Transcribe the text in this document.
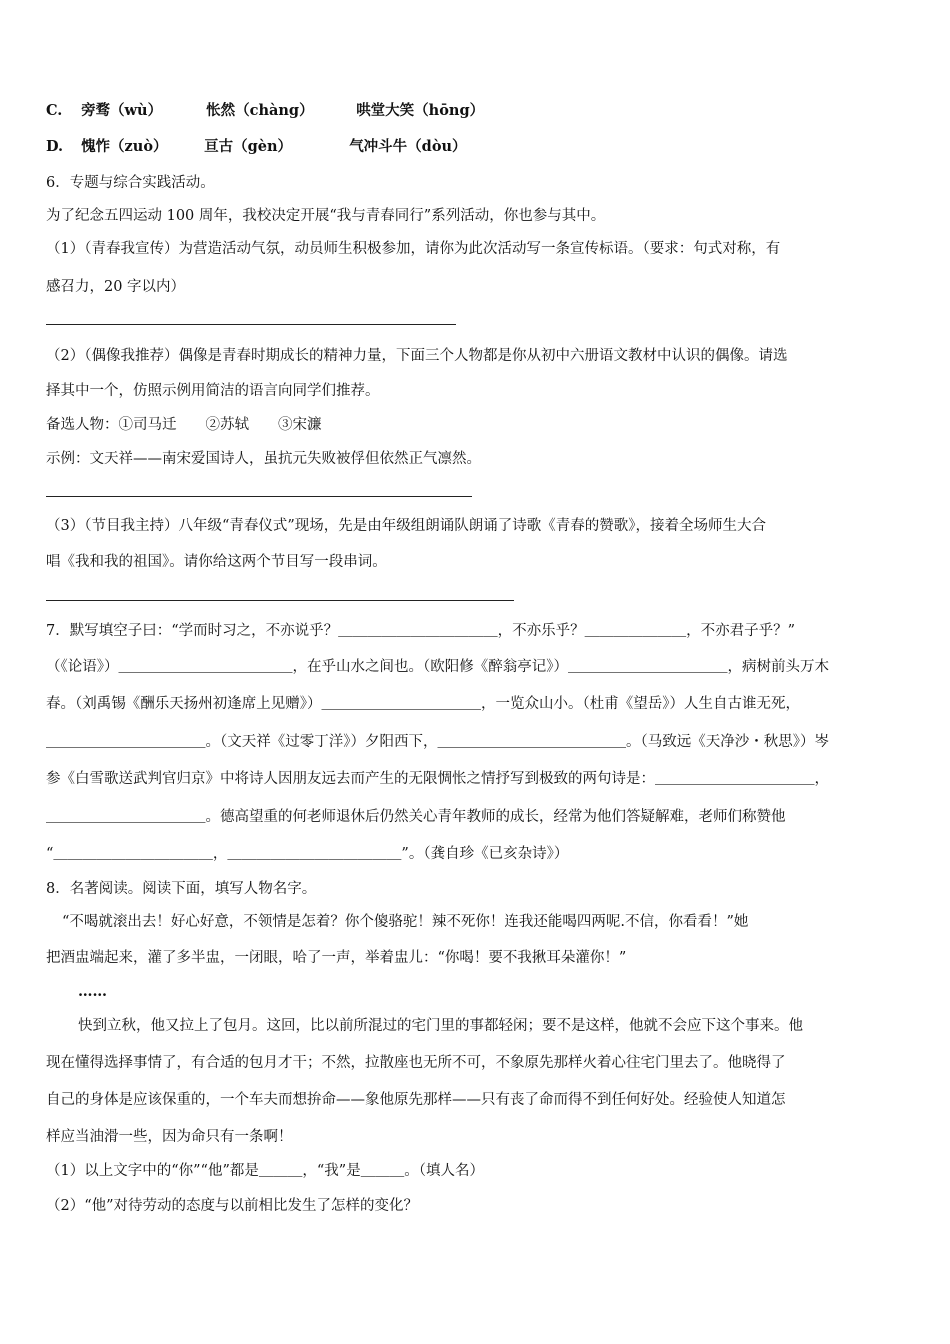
C. 旁骛（wù）	怅然（chàng）	哄堂大笑（hōng）
D. 愧怍（zuò）	亘古（gèn）	气冲斗牛（dòu）
6．专题与综合实践活动。
为了纪念五四运动 100 周年，我校决定开展“我与青春同行”系列活动，你也参与其中。
（1）（青春我宣传）为营造活动气氛，动员师生积极参加，请你为此次活动写一条宣传标语。（要求：句式对称，有
感召力，20 字以内）
（2）（偶像我推荐）偶像是青春时期成长的精神力量，下面三个人物都是你从初中六册语文教材中认识的偶像。请选
择其中一个，仿照示例用简洁的语言向同学们推荐。
备选人物：①司马迁　　②苏轼　　③宋濂
示例：文天祥——南宋爱国诗人，虽抗元失败被俘但依然正气凛然。
（3）（节目我主持）八年级“青春仪式”现场，先是由年级组朗诵队朗诵了诗歌《青春的赞歌》，接着全场师生大合
唱《我和我的祖国》。请你给这两个节目写一段串词。
7．默写填空子曰：“学而时习之，不亦说乎？＿＿＿＿＿＿＿＿＿＿＿，不亦乐乎？＿＿＿＿＿＿＿，不亦君子乎？”
（《论语》）＿＿＿＿＿＿＿＿＿＿＿＿，在乎山水之间也。（欧阳修《醉翁亭记》）＿＿＿＿＿＿＿＿＿＿＿，病树前头万木
春。（刘禹锡《酬乐天扬州初逢席上见赠》）＿＿＿＿＿＿＿＿＿＿＿，一览众山小。（杜甫《望岳》）人生自古谁无死，
＿＿＿＿＿＿＿＿＿＿＿。（文天祥《过零丁洋》）夕阳西下，＿＿＿＿＿＿＿＿＿＿＿＿＿。（马致远《天净沙・秋思》）岑
参《白雪歌送武判官归京》中将诗人因朋友远去而产生的无限惆怅之情抒写到极致的两句诗是：＿＿＿＿＿＿＿＿＿＿＿，
＿＿＿＿＿＿＿＿＿＿＿。德高望重的何老师退休后仍然关心青年教师的成长，经常为他们答疑解难，老师们称赞他
“＿＿＿＿＿＿＿＿＿＿＿，＿＿＿＿＿＿＿＿＿＿＿＿”。（龚自珍《已亥杂诗》）
8．名著阅读。阅读下面，填写人物名字。
“不喝就滚出去！好心好意，不领情是怎着？你个傻骆驼！辣不死你！连我还能喝四两呢.不信，你看看！”她
把酒盅端起来，灌了多半盅，一闭眼，哈了一声，举着盅儿：“你喝！要不我揪耳朵灌你！”
……
快到立秋，他又拉上了包月。这回，比以前所混过的宅门里的事都轻闲；要不是这样，他就不会应下这个事来。他
现在懂得选择事情了，有合适的包月才干；不然，拉散座也无所不可，不象原先那样火着心往宅门里去了。他晓得了
自己的身体是应该保重的，一个车夫而想拚命——象他原先那样——只有丧了命而得不到任何好处。经验使人知道怎
样应当油滑一些，因为命只有一条啊！
（1）以上文字中的“你”“他”都是＿＿＿，“我”是＿＿＿。（填人名）
（2）“他”对待劳动的态度与以前相比发生了怎样的变化？
